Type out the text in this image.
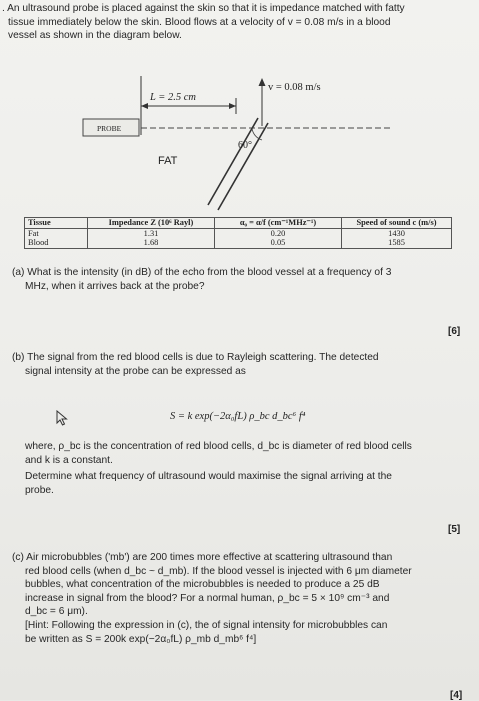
. An ultrasound probe is placed against the skin so that it is impedance matched with fatty
tissue immediately below the skin. Blood flows at a velocity of v = 0.08 m/s in a blood
vessel as shown in the diagram below.
L = 2.5 cm
v = 0.08 m/s
PROBE
60°
FAT
Tissue	Impedance Z (10⁶ Rayl)	α₀ = α/f (cm⁻¹MHz⁻¹)	Speed of sound c (m/s)
Fat	1.31	0.20	1430
Blood	1.68	0.05	1585
(a) What is the intensity (in dB) of the echo from the blood vessel at a frequency of 3
MHz, when it arrives back at the probe?
[6]
(b) The signal from the red blood cells is due to Rayleigh scattering. The detected
signal intensity at the probe can be expressed as
S = k exp(−2α₀fL) ρ_bc d_bc⁶ f⁴
where, ρ_bc is the concentration of red blood cells, d_bc is diameter of red blood cells
and k is a constant.
Determine what frequency of ultrasound would maximise the signal arriving at the
probe.
[5]
(c) Air microbubbles ('mb') are 200 times more effective at scattering ultrasound than
red blood cells (when d_bc ~ d_mb). If the blood vessel is injected with 6 μm diameter
bubbles, what concentration of the microbubbles is needed to produce a 25 dB
increase in signal from the blood? For a normal human, ρ_bc = 5 × 10⁹ cm⁻³ and
d_bc = 6 μm).
[Hint: Following the expression in (c), the of signal intensity for microbubbles can
be written as S = 200k exp(−2α₀fL) ρ_mb d_mb⁶ f⁴]
[4]
